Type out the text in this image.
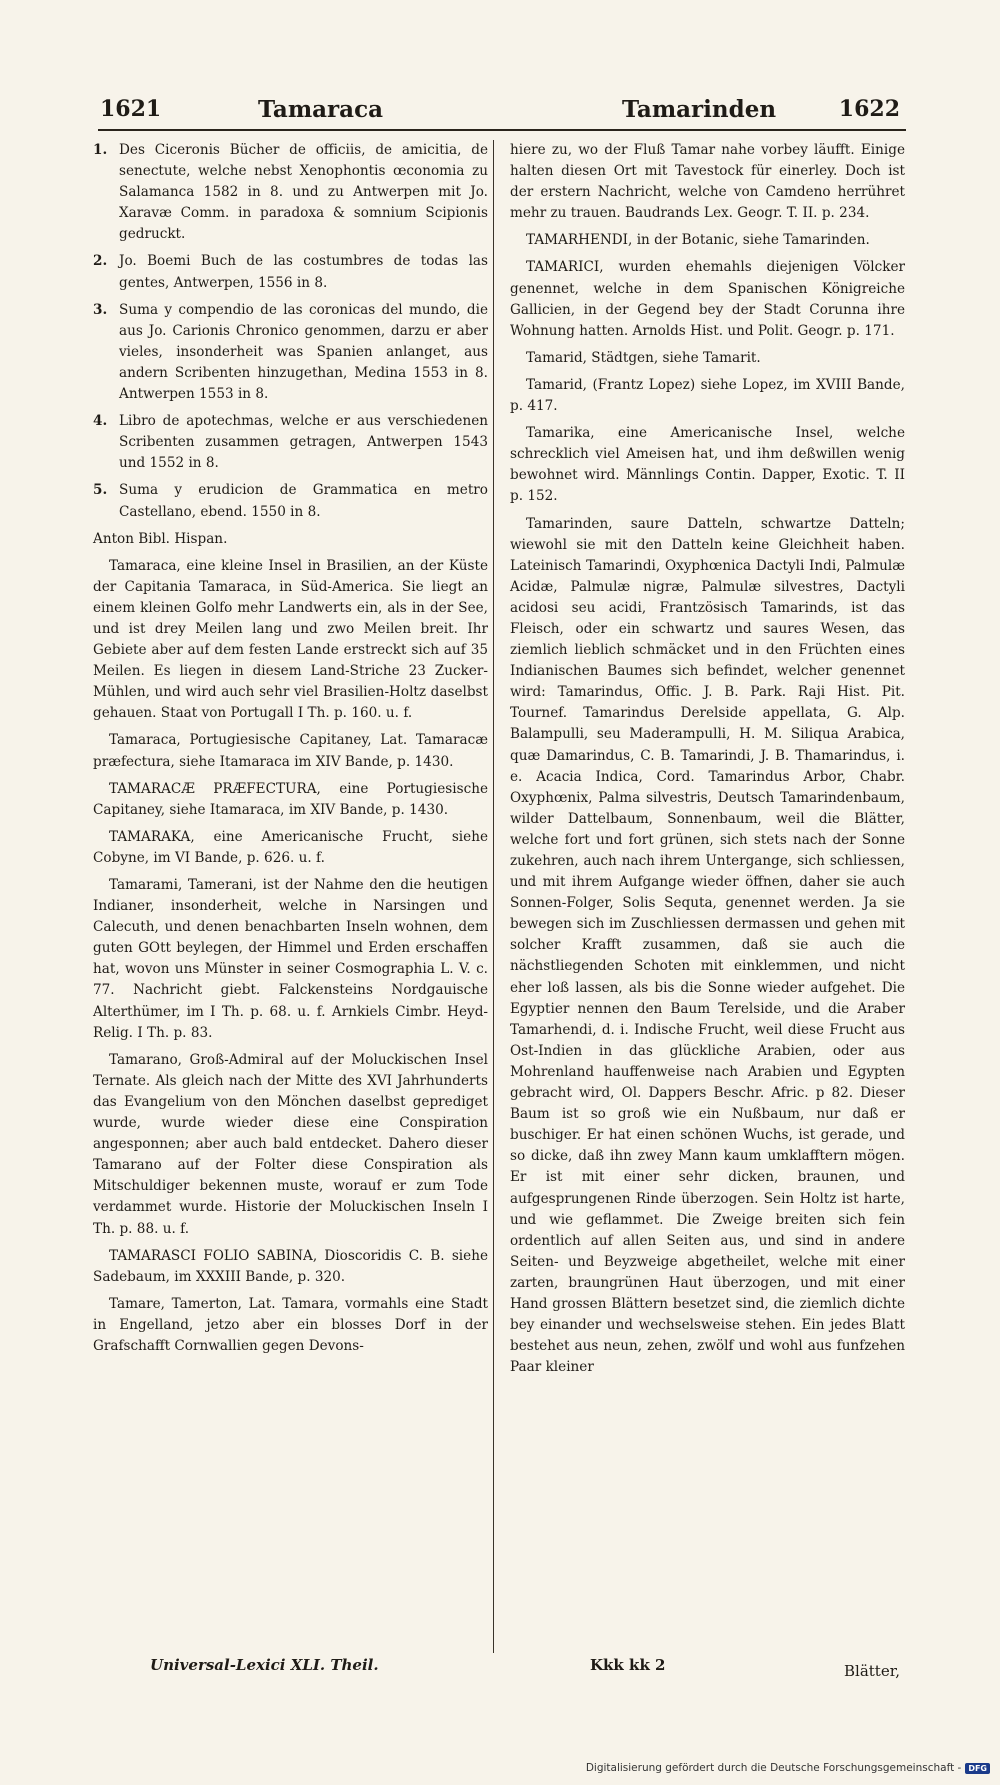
1621	Tamaraca	Tamarinden	1622

1. Des Ciceronis Bücher de officiis, de amicitia, de senectute, welche nebst Xenophontis œconomia zu Salamanca 1582 in 8. und zu Antwerpen mit Jo. Xaravæ Comm. in paradoxa & somnium Scipionis gedruckt.

2. Jo. Boemi Buch de las costumbres de todas las gentes, Antwerpen, 1556 in 8.

3. Suma y compendio de las coronicas del mundo, die aus Jo. Carionis Chronico genommen, darzu er aber vieles, insonderheit was Spanien anlanget, aus andern Scribenten hinzugethan, Medina 1553 in 8. Antwerpen 1553 in 8.

4. Libro de apotechmas, welche er aus verschiedenen Scribenten zusammen getragen, Antwerpen 1543 und 1552 in 8.

5. Suma y erudicion de Grammatica en metro Castellano, ebend. 1550 in 8.

Anton Bibl. Hispan.

Tamaraca, eine kleine Insel in Brasilien, an der Küste der Capitania Tamaraca, in Süd-America. Sie liegt an einem kleinen Golfo mehr Landwerts ein, als in der See, und ist drey Meilen lang und zwo Meilen breit. Ihr Gebiete aber auf dem festen Lande erstreckt sich auf 35 Meilen. Es liegen in diesem Land-Striche 23 Zucker-Mühlen, und wird auch sehr viel Brasilien-Holtz daselbst gehauen. Staat von Portugall I Th. p. 160. u. f.

Tamaraca, Portugiesische Capitaney, Lat. Tamaracæ præfectura, siehe Itamaraca im XIV Bande, p. 1430.

TAMARACÆ PRÆFECTURA, eine Portugiesische Capitaney, siehe Itamaraca, im XIV Bande, p. 1430.

TAMARAKA, eine Americanische Frucht, siehe Cobyne, im VI Bande, p. 626. u. f.

Tamarami, Tamerani, ist der Nahme den die heutigen Indianer, insonderheit, welche in Narsingen und Calecuth, und denen benachbarten Inseln wohnen, dem guten GOtt beylegen, der Himmel und Erden erschaffen hat, wovon uns Münster in seiner Cosmographia L. V. c. 77. Nachricht giebt. Falckensteins Nordgauische Alterthümer, im I Th. p. 68. u. f. Arnkiels Cimbr. Heyd-Relig. I Th. p. 83.

Tamarano, Groß-Admiral auf der Moluckischen Insel Ternate. Als gleich nach der Mitte des XVI Jahrhunderts das Evangelium von den Mönchen daselbst geprediget wurde, wurde wieder diese eine Conspiration angesponnen; aber auch bald entdecket. Dahero dieser Tamarano auf der Folter diese Conspiration als Mitschuldiger bekennen muste, worauf er zum Tode verdammet wurde. Historie der Moluckischen Inseln I Th. p. 88. u. f.

TAMARASCI FOLIO SABINA, Dioscoridis C. B. siehe Sadebaum, im XXXIII Bande, p. 320.

Tamare, Tamerton, Lat. Tamara, vormahls eine Stadt in Engelland, jetzo aber ein blosses Dorf in der Grafschafft Cornwallien gegen Devons-

hiere zu, wo der Fluß Tamar nahe vorbey läufft. Einige halten diesen Ort mit Tavestock für einerley. Doch ist der erstern Nachricht, welche von Camdeno herrühret mehr zu trauen. Baudrands Lex. Geogr. T. II. p. 234.

TAMARHENDI, in der Botanic, siehe Tamarinden.

TAMARICI, wurden ehemahls diejenigen Völcker genennet, welche in dem Spanischen Königreiche Gallicien, in der Gegend bey der Stadt Corunna ihre Wohnung hatten. Arnolds Hist. und Polit. Geogr. p. 171.

Tamarid, Städtgen, siehe Tamarit.

Tamarid, (Frantz Lopez) siehe Lopez, im XVIII Bande, p. 417.

Tamarika, eine Americanische Insel, welche schrecklich viel Ameisen hat, und ihm deßwillen wenig bewohnet wird. Männlings Contin. Dapper, Exotic. T. II p. 152.

Tamarinden, saure Datteln, schwartze Datteln; wiewohl sie mit den Datteln keine Gleichheit haben. Lateinisch Tamarindi, Oxyphœnica Dactyli Indi, Palmulæ Acidæ, Palmulæ nigræ, Palmulæ silvestres, Dactyli acidosi seu acidi, Frantzösisch Tamarinds, ist das Fleisch, oder ein schwartz und saures Wesen, das ziemlich lieblich schmäcket und in den Früchten eines Indianischen Baumes sich befindet, welcher genennet wird: Tamarindus, Offic. J. B. Park. Raji Hist. Pit. Tournef. Tamarindus Derelside appellata, G. Alp. Balampulli, seu Maderampulli, H. M. Siliqua Arabica, quæ Damarindus, C. B. Tamarindi, J. B. Thamarindus, i. e. Acacia Indica, Cord. Tamarindus Arbor, Chabr. Oxyphœnix, Palma silvestris, Deutsch Tamarindenbaum, wilder Dattelbaum, Sonnenbaum, weil die Blätter, welche fort und fort grünen, sich stets nach der Sonne zukehren, auch nach ihrem Untergange, sich schliessen, und mit ihrem Aufgange wieder öffnen, daher sie auch Sonnen-Folger, Solis Sequta, genennet werden. Ja sie bewegen sich im Zuschliessen dermassen und gehen mit solcher Krafft zusammen, daß sie auch die nächstliegenden Schoten mit einklemmen, und nicht eher loß lassen, als bis die Sonne wieder aufgehet. Die Egyptier nennen den Baum Terelside, und die Araber Tamarhendi, d. i. Indische Frucht, weil diese Frucht aus Ost-Indien in das glückliche Arabien, oder aus Mohrenland hauffenweise nach Arabien und Egypten gebracht wird, Ol. Dappers Beschr. Afric. p 82. Dieser Baum ist so groß wie ein Nußbaum, nur daß er buschiger. Er hat einen schönen Wuchs, ist gerade, und so dicke, daß ihn zwey Mann kaum umklafftern mögen. Er ist mit einer sehr dicken, braunen, und aufgesprungenen Rinde überzogen. Sein Holtz ist harte, und wie geflammet. Die Zweige breiten sich fein ordentlich auf allen Seiten aus, und sind in andere Seiten- und Beyzweige abgetheilet, welche mit einer zarten, braungrünen Haut überzogen, und mit einer Hand grossen Blättern besetzet sind, die ziemlich dichte bey einander und wechselsweise stehen. Ein jedes Blatt bestehet aus neun, zehen, zwölf und wohl aus funfzehen Paar kleiner

Universal-Lexici XLI. Theil.	Kkk kk 2	Blätter,
Digitalisierung gefördert durch die Deutsche Forschungsgemeinschaft - DFG
